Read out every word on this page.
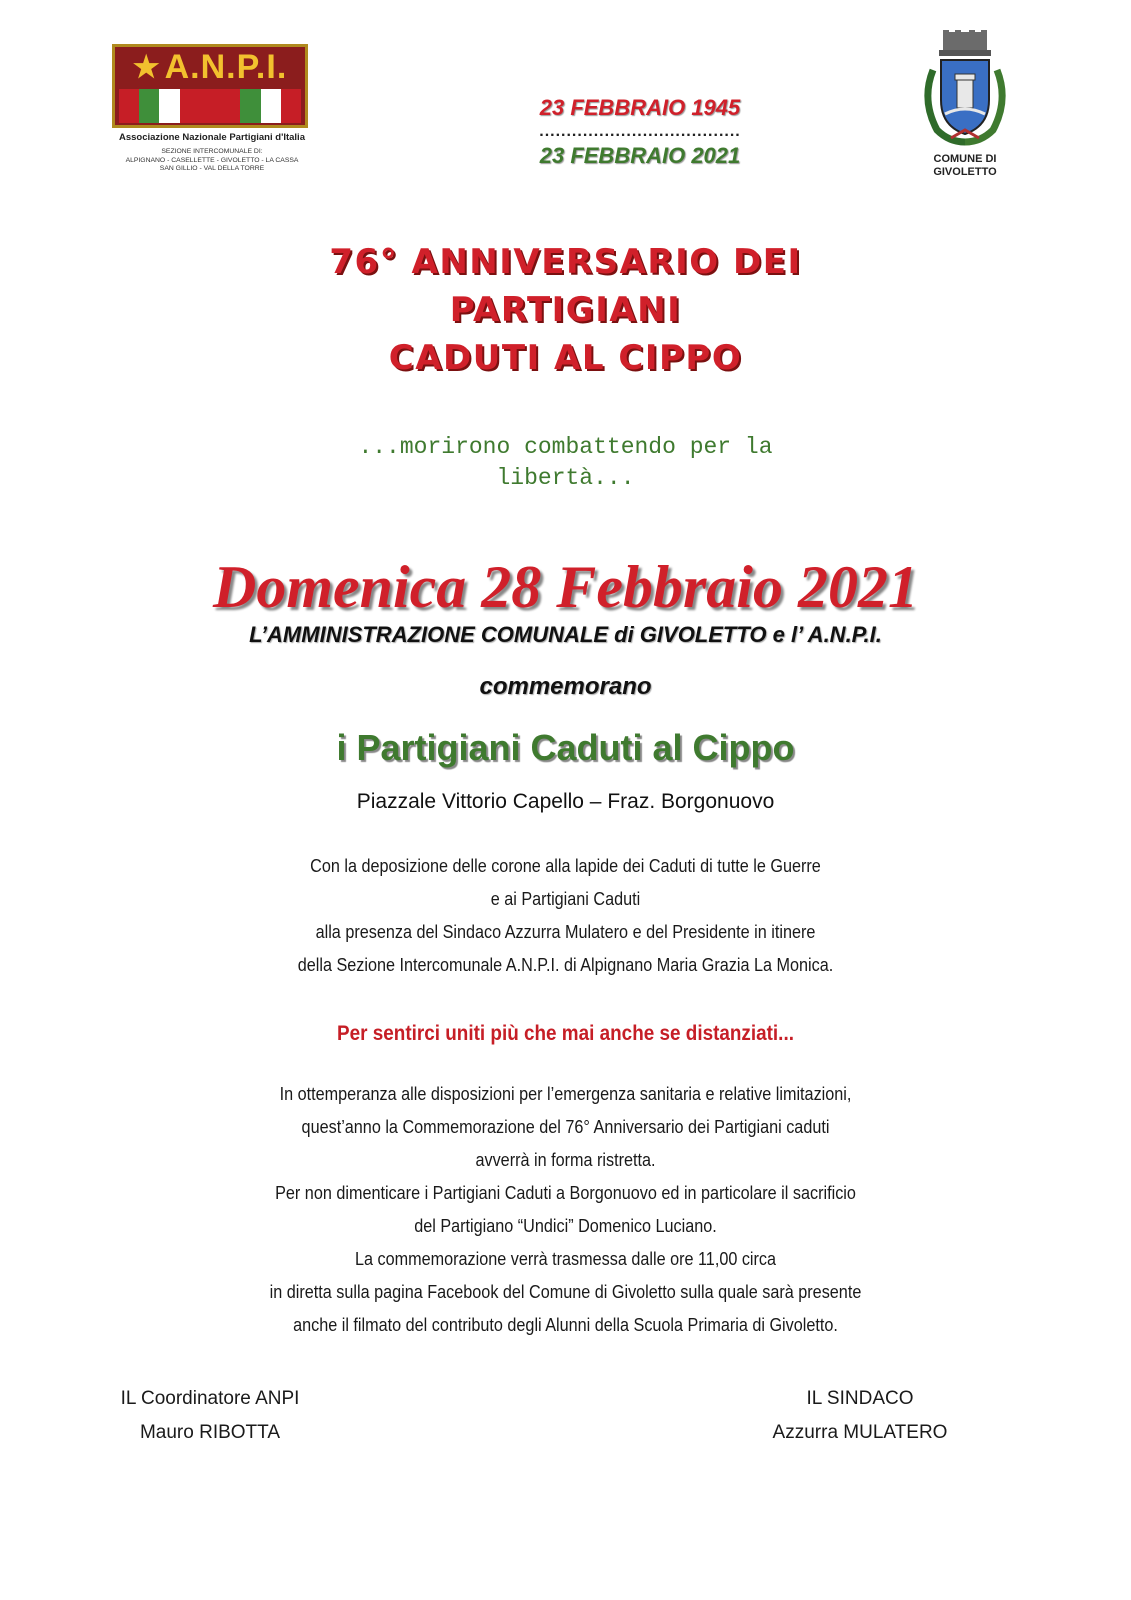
★ A.N.P.I.
Associazione Nazionale Partigiani d'Italia
SEZIONE INTERCOMUNALE DI:
ALPIGNANO - CASELLETTE - GIVOLETTO - LA CASSA
SAN GILLIO - VAL DELLA TORRE
23 FEBBRAIO 1945
.....................................
23 FEBBRAIO 2021	COMUNE DI
GIVOLETTO
76° ANNIVERSARIO DEI
PARTIGIANI
CADUTI AL CIPPO
...morirono combattendo per la
libertà...
Domenica 28 Febbraio 2021
L’AMMINISTRAZIONE COMUNALE di GIVOLETTO e l’ A.N.P.I.
commemorano
i Partigiani Caduti al Cippo
Piazzale Vittorio Capello – Fraz. Borgonuovo
Con la deposizione delle corone alla lapide dei Caduti di tutte le Guerre
e ai Partigiani Caduti
alla presenza del Sindaco Azzurra Mulatero e del Presidente in itinere
della Sezione Intercomunale A.N.P.I. di Alpignano Maria Grazia La Monica.
Per sentirci uniti più che mai anche se distanziati...
In ottemperanza alle disposizioni per l’emergenza sanitaria e relative limitazioni,
quest’anno la Commemorazione del 76° Anniversario dei Partigiani caduti
avverrà in forma ristretta.
Per non dimenticare i Partigiani Caduti a Borgonuovo ed in particolare il sacrificio
del Partigiano “Undici” Domenico Luciano.
La commemorazione verrà trasmessa dalle ore 11,00 circa
in diretta sulla pagina Facebook del Comune di Givoletto sulla quale sarà presente
anche il filmato del contributo degli Alunni della Scuola Primaria di Givoletto.
IL Coordinatore ANPI
Mauro RIBOTTA
IL SINDACO
Azzurra MULATERO
